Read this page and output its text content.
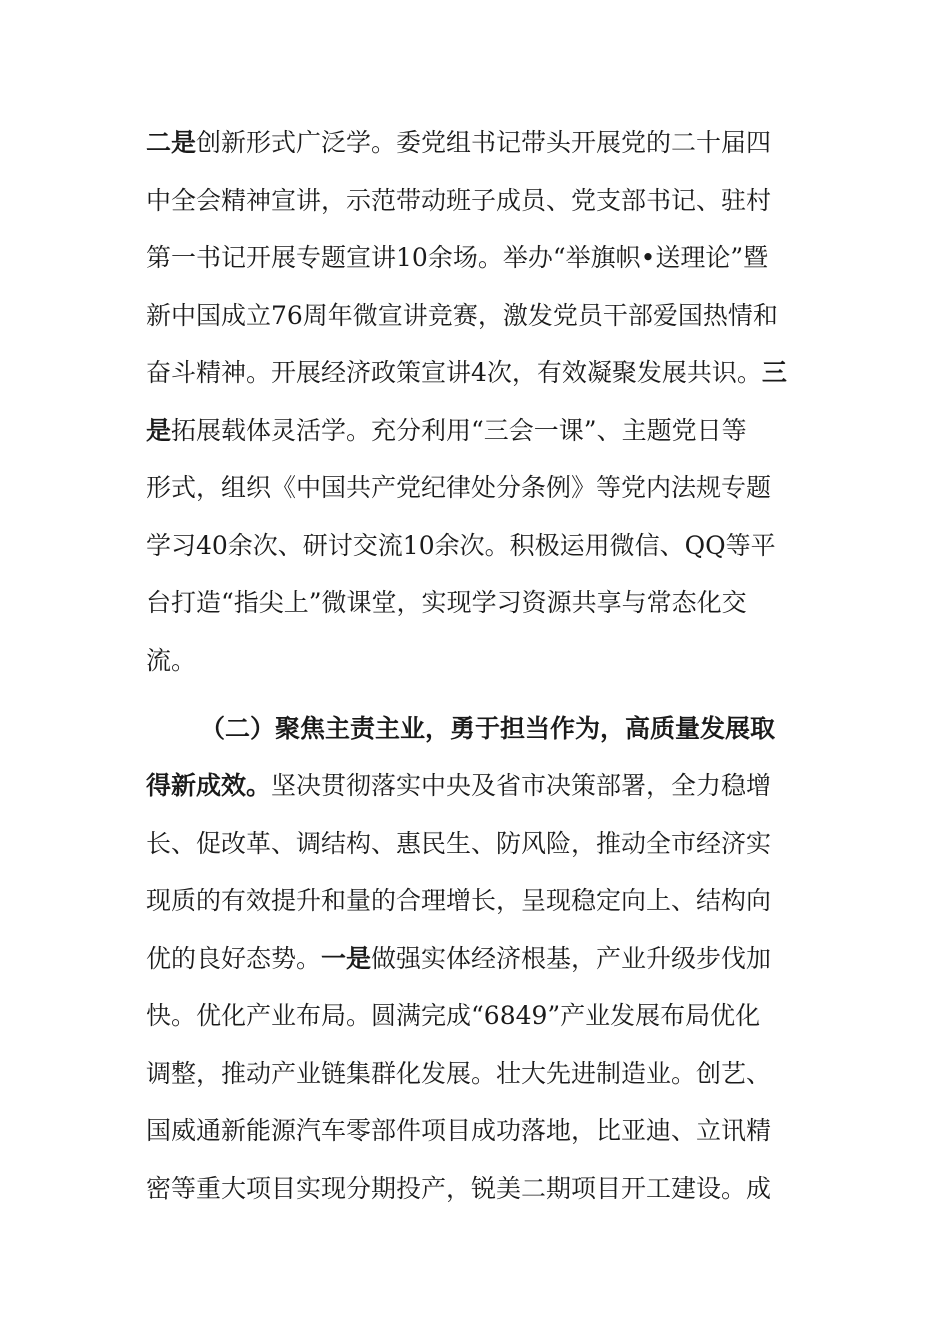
二是创新形式广泛学。委党组书记带头开展党的二十届四
中全会精神宣讲，示范带动班子成员、党支部书记、驻村
第一书记开展专题宣讲10余场。举办“举旗帜•送理论”暨
新中国成立76周年微宣讲竞赛，激发党员干部爱国热情和
奋斗精神。开展经济政策宣讲4次，有效凝聚发展共识。三
是拓展载体灵活学。充分利用“三会一课”、主题党日等
形式，组织《中国共产党纪律处分条例》等党内法规专题
学习40余次、研讨交流10余次。积极运用微信、QQ等平
台打造“指尖上”微课堂，实现学习资源共享与常态化交
流。
（二）聚焦主责主业，勇于担当作为，高质量发展取
得新成效。坚决贯彻落实中央及省市决策部署，全力稳增
长、促改革、调结构、惠民生、防风险，推动全市经济实
现质的有效提升和量的合理增长，呈现稳定向上、结构向
优的良好态势。一是做强实体经济根基，产业升级步伐加
快。优化产业布局。圆满完成“6849”产业发展布局优化
调整，推动产业链集群化发展。壮大先进制造业。创艺、
国威通新能源汽车零部件项目成功落地，比亚迪、立讯精
密等重大项目实现分期投产，锐美二期项目开工建设。成
